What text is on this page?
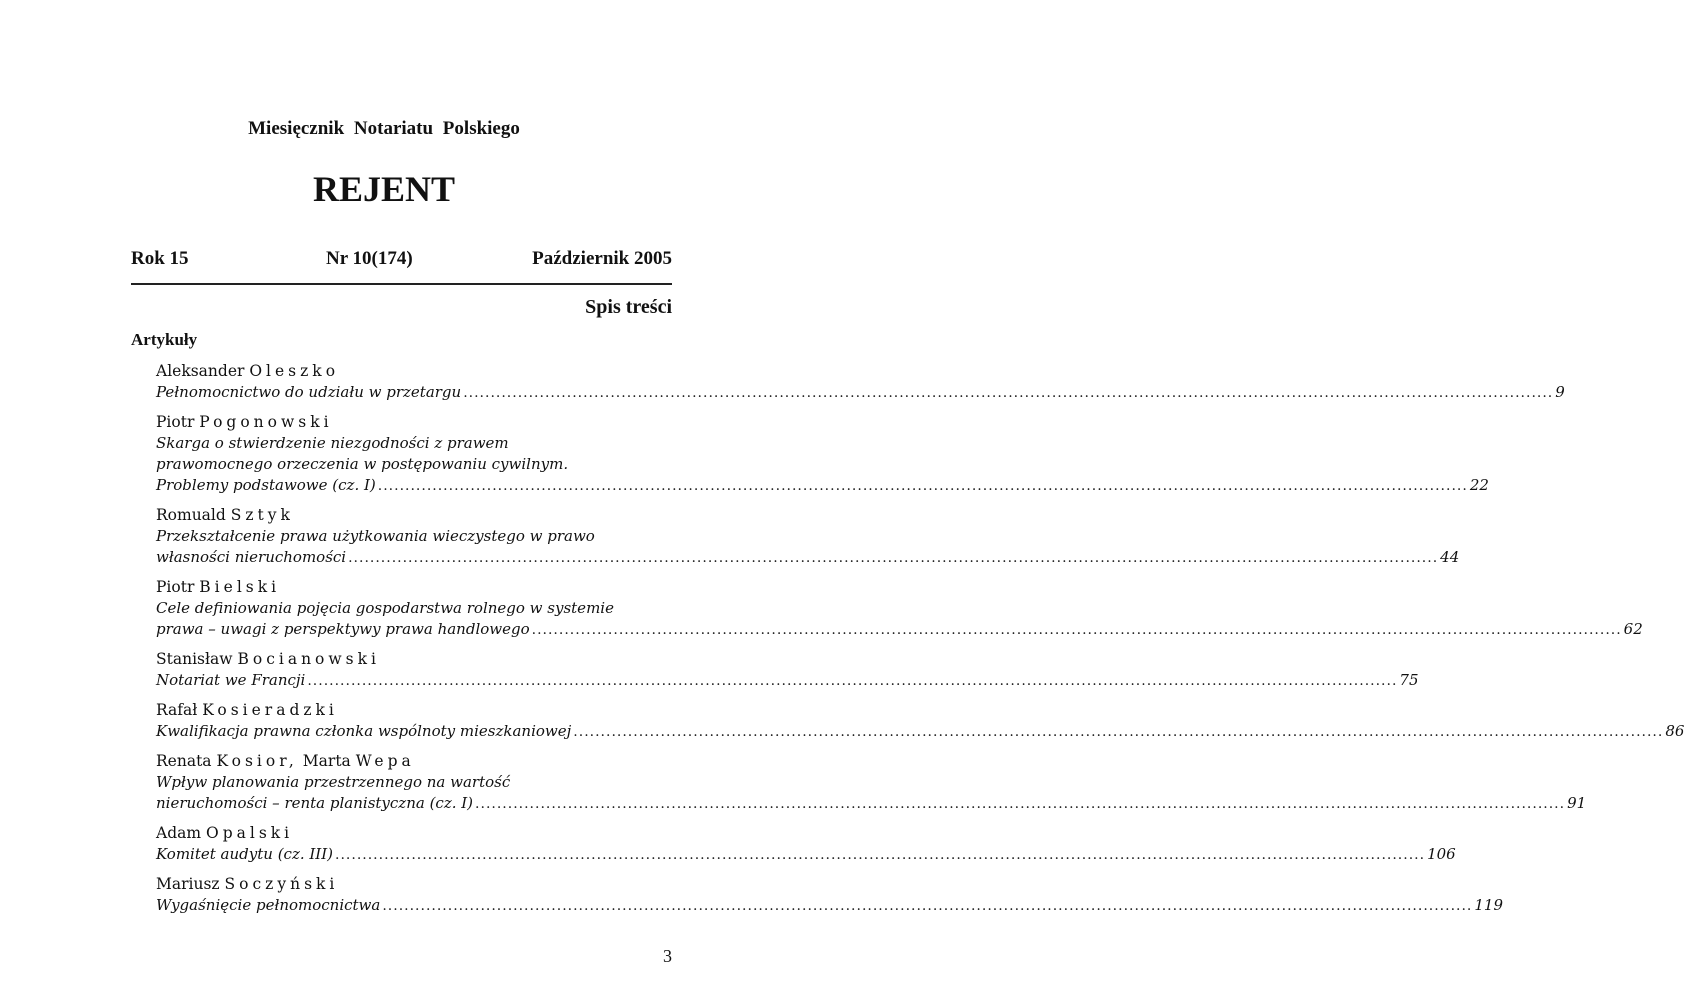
Miesięcznik Notariatu Polskiego
REJENT
Rok 15	Nr 10(174)	Październik 2005
Spis treści
Artykuły
Aleksander Oleszko
Pełnomocnictwo do udziału w przetargu ........................................................................................................................................................................................................ 9
Piotr Pogonowski
Skarga o stwierdzenie niezgodności z prawem
prawomocnego orzeczenia w postępowaniu cywilnym.
Problemy podstawowe (cz. I) ........................................................................................................................................................................................................ 22
Romuald Sztyk
Przekształcenie prawa użytkowania wieczystego w prawo
własności nieruchomości ........................................................................................................................................................................................................ 44
Piotr Bielski
Cele definiowania pojęcia gospodarstwa rolnego w systemie
prawa – uwagi z perspektywy prawa handlowego ........................................................................................................................................................................................................ 62
Stanisław Bocianowski
Notariat we Francji ........................................................................................................................................................................................................ 75
Rafał Kosieradzki
Kwalifikacja prawna członka wspólnoty mieszkaniowej ........................................................................................................................................................................................................ 86
Renata Kosior, Marta Wepa
Wpływ planowania przestrzennego na wartość
nieruchomości – renta planistyczna (cz. I) ........................................................................................................................................................................................................ 91
Adam Opalski
Komitet audytu (cz. III) ........................................................................................................................................................................................................ 106
Mariusz Soczyński
Wygaśnięcie pełnomocnictwa ........................................................................................................................................................................................................ 119
3
